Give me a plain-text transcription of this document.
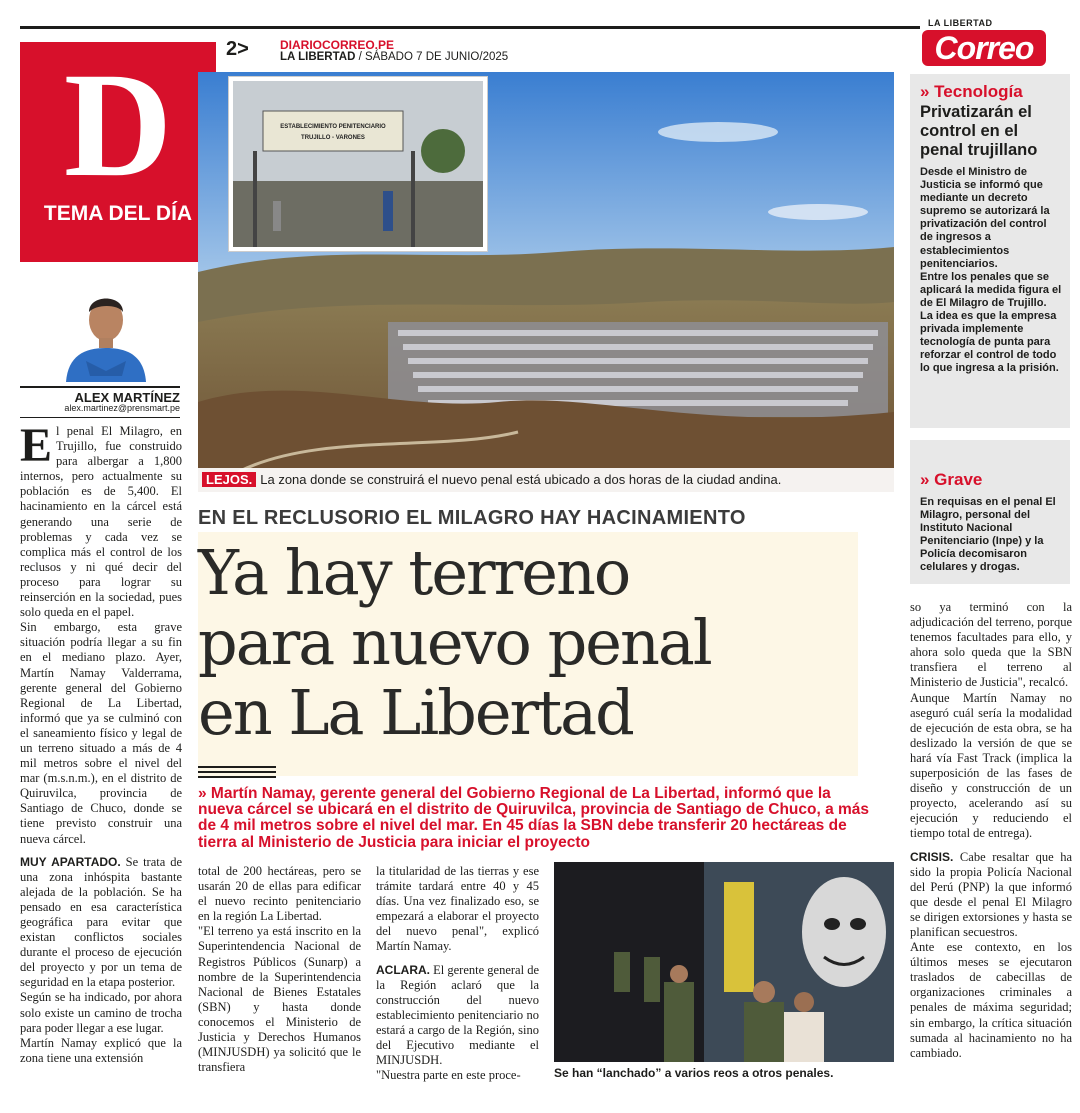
2>	DIARIOCORREO.PE
LA LIBERTAD / SÁBADO 7 DE JUNIO/2025
LA LIBERTAD
Correo
D
TEMA DEL DÍA
ALEX MARTÍNEZ
alex.martinez@prensmart.pe

El penal El Milagro, en Trujillo, fue construido para albergar a 1,800 internos, pero actualmente su población es de 5,400. El hacinamiento en la cárcel está generando una serie de problemas y cada vez se complica más el control de los reclusos y ni qué decir del proceso para lograr su reinserción en la sociedad, pues solo queda en el papel.

Sin embargo, esta grave situación podría llegar a su fin en el mediano plazo. Ayer, Martín Namay Valderrama, gerente general del Gobierno Regional de La Libertad, informó que ya se culminó con el saneamiento físico y legal de un terreno situado a más de 4 mil metros sobre el nivel del mar (m.s.n.m.), en el distrito de Quiruvilca, provincia de Santiago de Chuco, donde se tiene previsto construir una nueva cárcel.

MUY APARTADO. Se trata de una zona inhóspita bastante alejada de la población. Se ha pensado en esa característica geográfica para evitar que existan conflictos sociales durante el proceso de ejecución del proyecto y por un tema de seguridad en la etapa posterior.

Según se ha indicado, por ahora solo existe un camino de trocha para poder llegar a ese lugar.

Martín Namay explicó que la zona tiene una extensión

ESTABLECIMIENTO PENITENCIARIO
TRUJILLO - VARONES
LEJOS. La zona donde se construirá el nuevo penal está ubicado a dos horas de la ciudad andina.
EN EL RECLUSORIO EL MILAGRO HAY HACINAMIENTO
Ya hay terreno
para nuevo penal
en La Libertad
» Martín Namay, gerente general del Gobierno Regional de La Libertad, informó que la nueva cárcel se ubicará en el distrito de Quiruvilca, provincia de Santiago de Chuco, a más de 4 mil metros sobre el nivel del mar. En 45 días la SBN debe transferir 20 hectáreas de tierra al Ministerio de Justicia para iniciar el proyecto

total de 200 hectáreas, pero se usarán 20 de ellas para edificar el nuevo recinto penitenciario en la región La Libertad.

"El terreno ya está inscrito en la Superintendencia Nacional de Registros Públicos (Sunarp) a nombre de la Superintendencia Nacional de Bienes Estatales (SBN) y hasta donde conocemos el Ministerio de Justicia y Derechos Humanos (MINJUSDH) ya solicitó que le transfiera

la titularidad de las tierras y ese trámite tardará entre 40 y 45 días. Una vez finalizado eso, se empezará a elaborar el proyecto del nuevo penal", explicó Martín Namay.

ACLARA. El gerente general de la Región aclaró que la construcción del nuevo establecimiento penitenciario no estará a cargo de la Región, sino del Ejecutivo mediante el MINJUSDH.

"Nuestra parte en este proce-	Se han “lanchado” a varios reos a otros penales.

so ya terminó con la adjudicación del terreno, porque tenemos facultades para ello, y ahora solo queda que la SBN transfiera el terreno al Ministerio de Justicia", recalcó.

Aunque Martín Namay no aseguró cuál sería la modalidad de ejecución de esta obra, se ha deslizado la versión de que se hará vía Fast Track (implica la superposición de las fases de diseño y construcción de un proyecto, acelerando así su ejecución y reduciendo el tiempo total de entrega).

CRISIS. Cabe resaltar que ha sido la propia Policía Nacional del Perú (PNP) la que informó que desde el penal El Milagro se dirigen extorsiones y hasta se planifican secuestros.

Ante ese contexto, en los últimos meses se ejecutaron traslados de cabecillas de organizaciones criminales a penales de máxima seguridad; sin embargo, la crítica situación sumada al hacinamiento no ha cambiado.

» Tecnología
Privatizarán el control en el penal trujillano

Desde el Ministro de Justicia se informó que mediante un decreto supremo se autorizará la privatización del control de ingresos a establecimientos penitenciarios.

Entre los penales que se aplicará la medida figura el de El Milagro de Trujillo.

La idea es que la empresa privada implemente tecnología de punta para reforzar el control de todo lo que ingresa a la prisión.

» Grave

En requisas en el penal El Milagro, personal del Instituto Nacional Penitenciario (Inpe) y la Policía decomisaron celulares y drogas.
